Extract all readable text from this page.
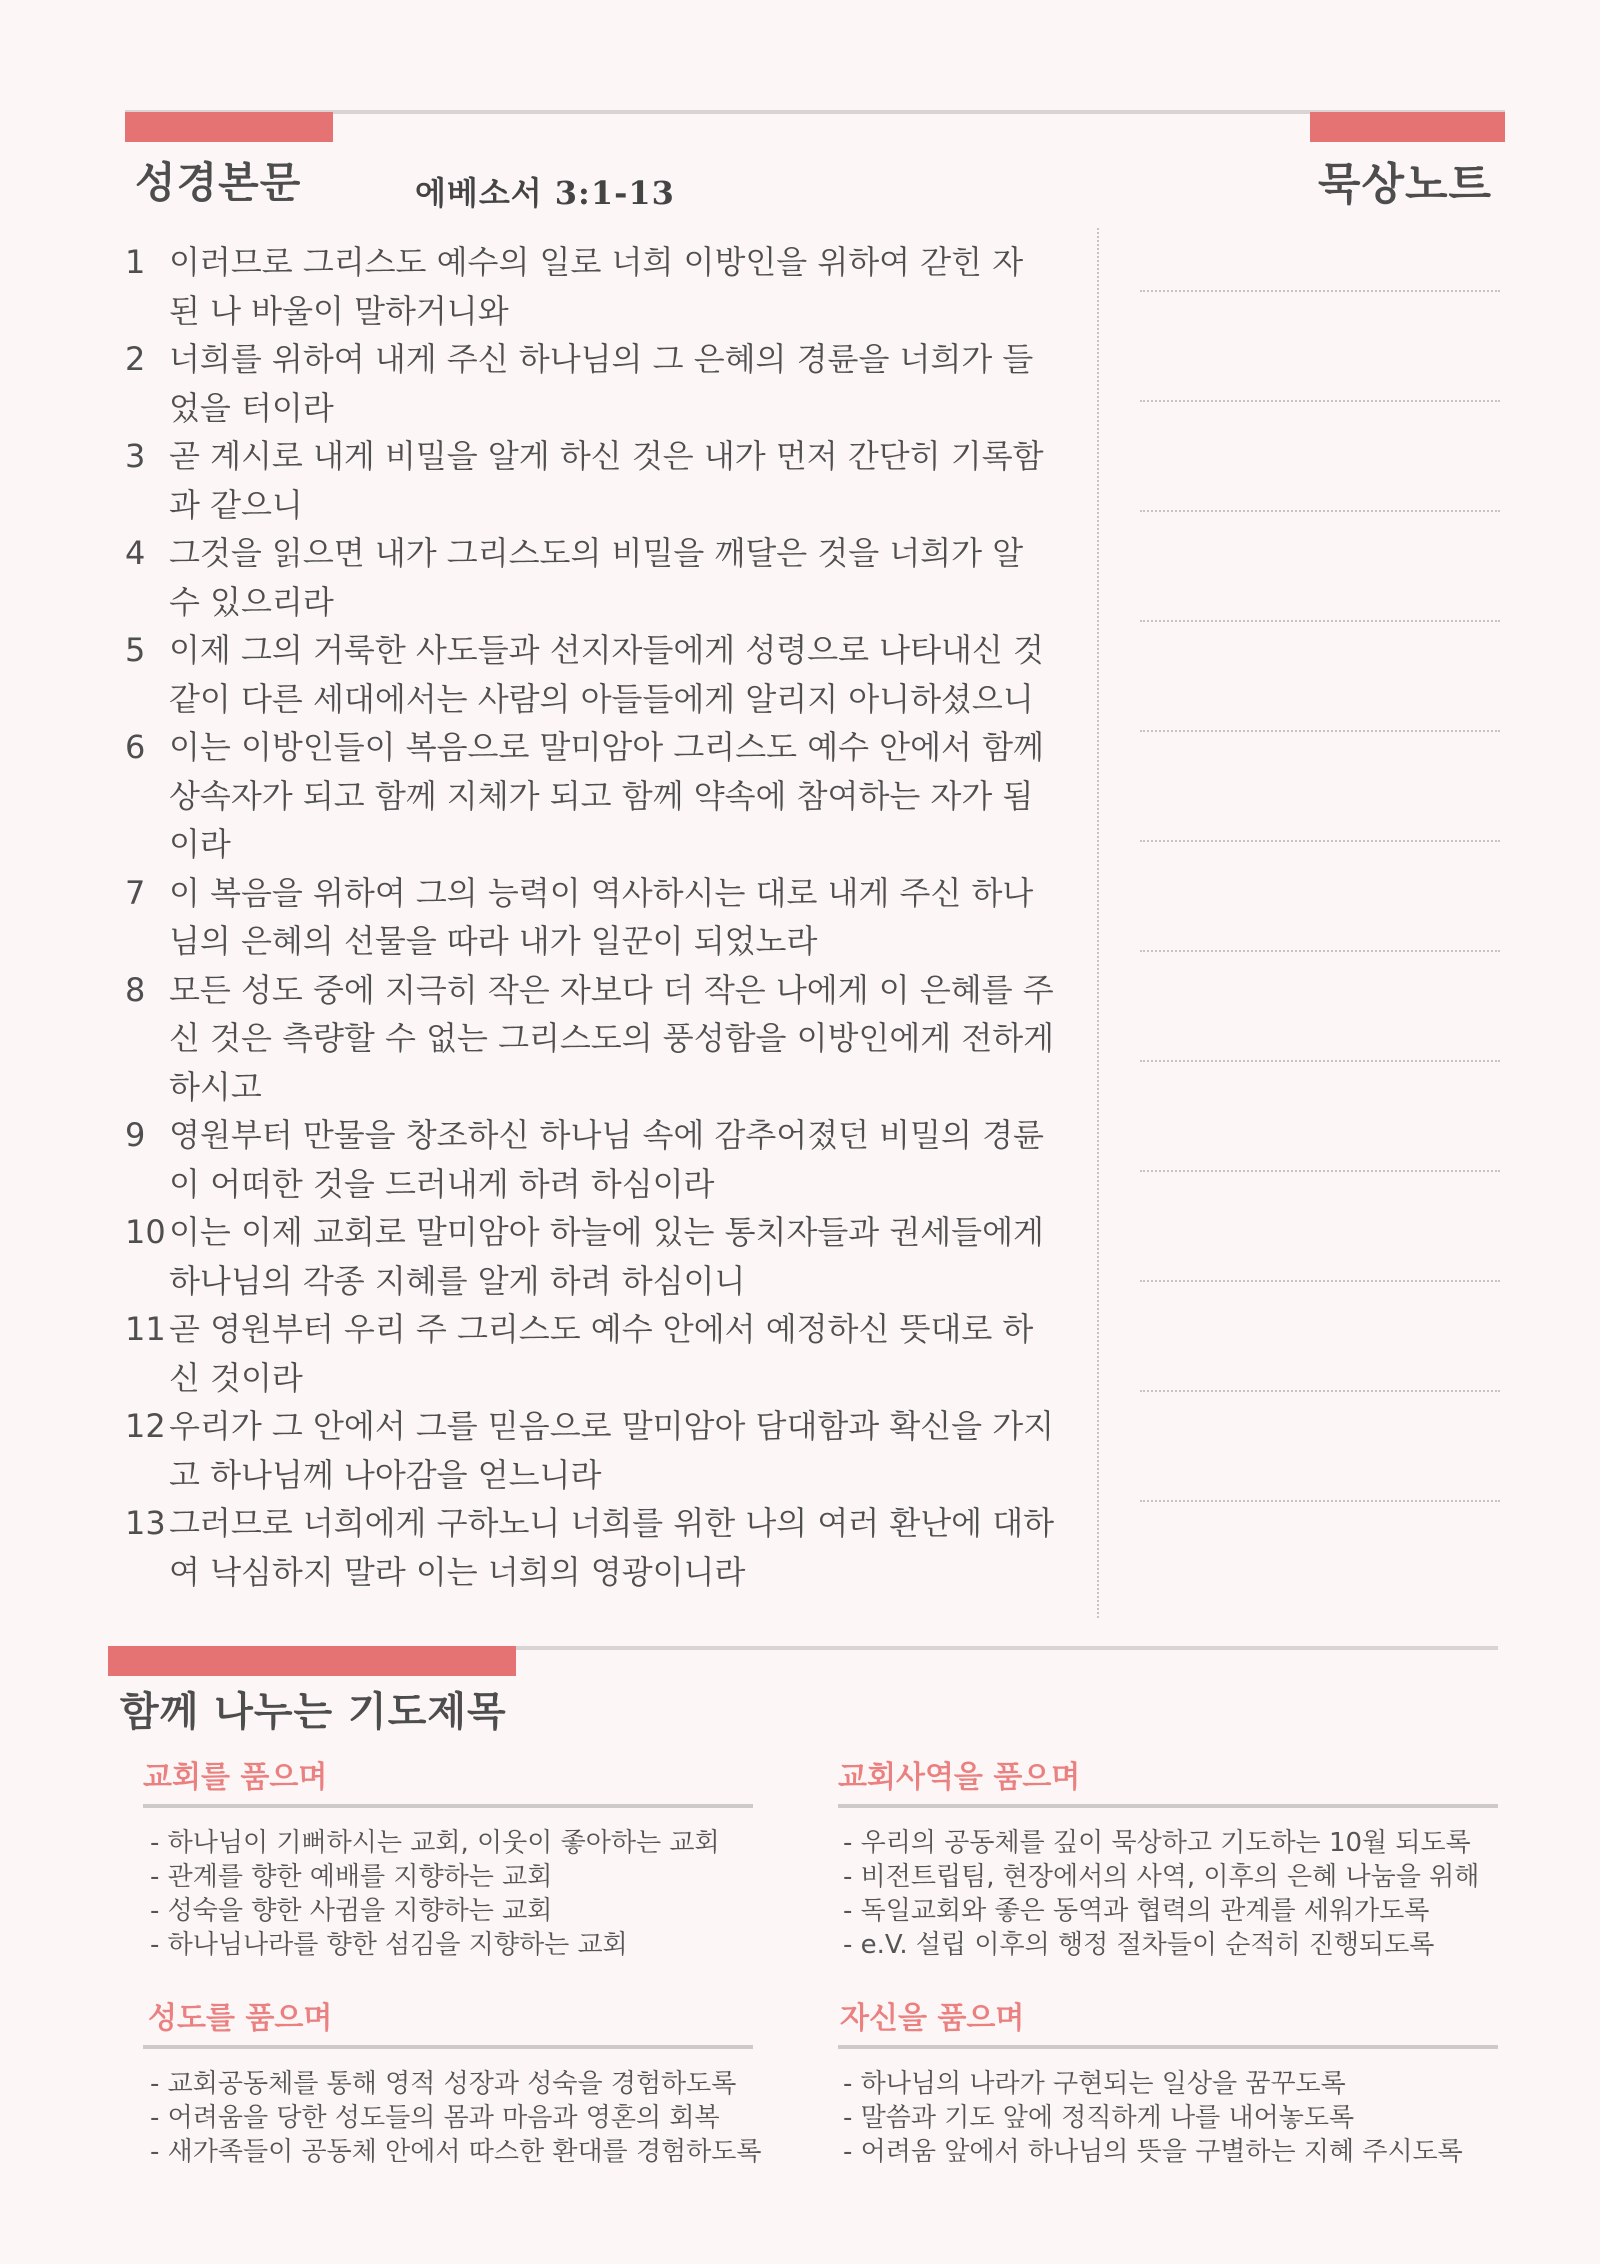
성경본문	에베소서 3:1-13	묵상노트
1 이러므로 그리스도 예수의 일로 너희 이방인을 위하여 갇힌 자 된 나 바울이 말하거니와
2 너희를 위하여 내게 주신 하나님의 그 은혜의 경륜을 너희가 들었을 터이라
3 곧 계시로 내게 비밀을 알게 하신 것은 내가 먼저 간단히 기록함과 같으니
4 그것을 읽으면 내가 그리스도의 비밀을 깨달은 것을 너희가 알 수 있으리라
5 이제 그의 거룩한 사도들과 선지자들에게 성령으로 나타내신 것 같이 다른 세대에서는 사람의 아들들에게 알리지 아니하셨으니
6 이는 이방인들이 복음으로 말미암아 그리스도 예수 안에서 함께 상속자가 되고 함께 지체가 되고 함께 약속에 참여하는 자가 됨이라
7 이 복음을 위하여 그의 능력이 역사하시는 대로 내게 주신 하나님의 은혜의 선물을 따라 내가 일꾼이 되었노라
8 모든 성도 중에 지극히 작은 자보다 더 작은 나에게 이 은혜를 주신 것은 측량할 수 없는 그리스도의 풍성함을 이방인에게 전하게 하시고
9 영원부터 만물을 창조하신 하나님 속에 감추어졌던 비밀의 경륜이 어떠한 것을 드러내게 하려 하심이라
10 이는 이제 교회로 말미암아 하늘에 있는 통치자들과 권세들에게 하나님의 각종 지혜를 알게 하려 하심이니
11 곧 영원부터 우리 주 그리스도 예수 안에서 예정하신 뜻대로 하신 것이라
12 우리가 그 안에서 그를 믿음으로 말미암아 담대함과 확신을 가지고 하나님께 나아감을 얻느니라
13 그러므로 너희에게 구하노니 너희를 위한 나의 여러 환난에 대하여 낙심하지 말라 이는 너희의 영광이니라
함께 나누는 기도제목
교회를 품으며
- 하나님이 기뻐하시는 교회, 이웃이 좋아하는 교회
- 관계를 향한 예배를 지향하는 교회
- 성숙을 향한 사귐을 지향하는 교회
- 하나님나라를 향한 섬김을 지향하는 교회
교회사역을 품으며
- 우리의 공동체를 깊이 묵상하고 기도하는 10월 되도록
- 비전트립팀, 현장에서의 사역, 이후의 은혜 나눔을 위해
- 독일교회와 좋은 동역과 협력의 관계를 세워가도록
- e.V. 설립 이후의 행정 절차들이 순적히 진행되도록
성도를 품으며
- 교회공동체를 통해 영적 성장과 성숙을 경험하도록
- 어려움을 당한 성도들의 몸과 마음과 영혼의 회복
- 새가족들이 공동체 안에서 따스한 환대를 경험하도록
자신을 품으며
- 하나님의 나라가 구현되는 일상을 꿈꾸도록
- 말씀과 기도 앞에 정직하게 나를 내어놓도록
- 어려움 앞에서 하나님의 뜻을 구별하는 지혜 주시도록
